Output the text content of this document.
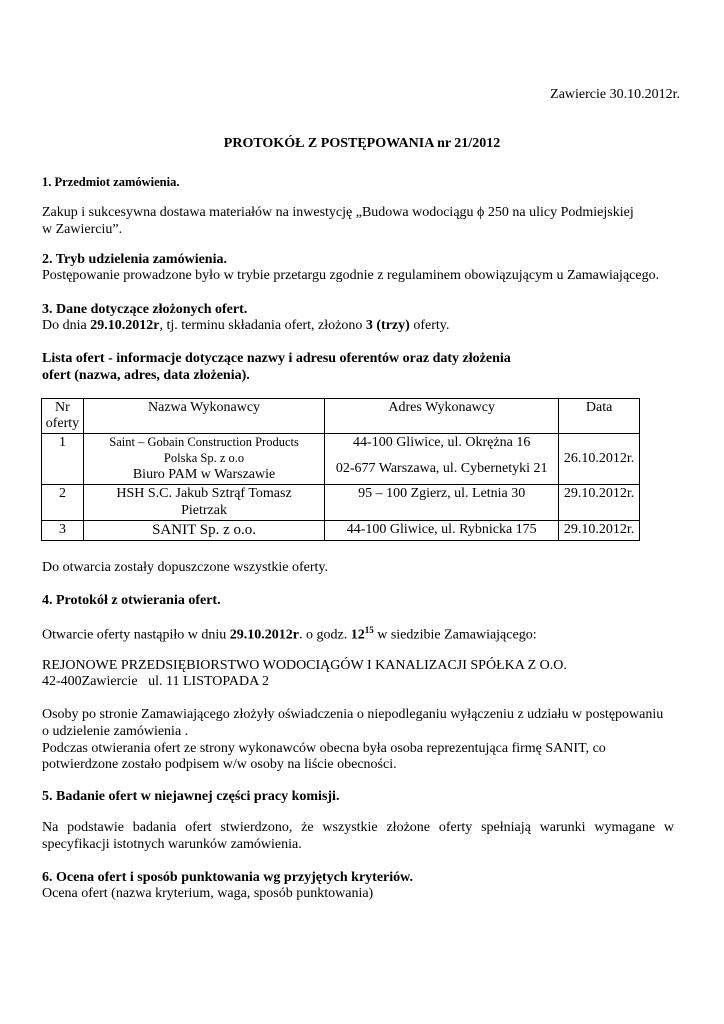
Zawiercie 30.10.2012r.

PROTOKÓŁ Z POSTĘPOWANIA nr 21/2012

1. Przedmiot zamówienia.

Zakup i sukcesywna dostawa materiałów na inwestycję „Budowa wodociągu ϕ 250 na ulicy Podmiejskiej
w Zawierciu”.

2. Tryb udzielenia zamówienia.

Postępowanie prowadzone było w trybie przetargu zgodnie z regulaminem obowiązującym u Zamawiającego.

3. Dane dotyczące złożonych ofert.

Do dnia 29.10.2012r, tj. terminu składania ofert, złożono 3 (trzy) oferty.

Lista ofert - informacje dotyczące nazwy i adresu oferentów oraz daty złożenia
ofert (nazwa, adres, data złożenia).

Nr
oferty	Nazwa Wykonawcy	Adres Wykonawcy	Data
1	Saint – Gobain Construction Products
Polska Sp. z o.o
Biuro PAM w Warszawie	44-100 Gliwice, ul. Okrężna 16
02-677 Warszawa, ul. Cybernetyki 21	26.10.2012r.
2	HSH S.C. Jakub Sztrąf Tomasz
Pietrzak	95 – 100 Zgierz, ul. Letnia 30	29.10.2012r.
3	SANIT Sp. z o.o.	44-100 Gliwice, ul. Rybnicka 175	29.10.2012r.

Do otwarcia zostały dopuszczone wszystkie oferty.

4. Protokół z otwierania ofert.

Otwarcie oferty nastąpiło w dniu 29.10.2012r. o godz. $12^{15}$ w siedzibie Zamawiającego:

REJONOWE PRZEDSIĘBIORSTWO WODOCIĄGÓW I KANALIZACJI SPÓŁKA Z O.O.

42-400Zawiercie   ul. 11 LISTOPADA 2

Osoby po stronie Zamawiającego złożyły oświadczenia o niepodleganiu wyłączeniu z udziału w postępowaniu
o udzielenie zamówienia .
Podczas otwierania ofert ze strony wykonawców obecna była osoba reprezentująca firmę SANIT, co
potwierdzone zostało podpisem w/w osoby na liście obecności.

5. Badanie ofert w niejawnej części pracy komisji.

Na podstawie badania ofert stwierdzono, że wszystkie złożone oferty spełniają warunki wymagane w
specyfikacji istotnych warunków zamówienia.

6. Ocena ofert i sposób punktowania wg przyjętych kryteriów.

Ocena ofert (nazwa kryterium, waga, sposób punktowania)
